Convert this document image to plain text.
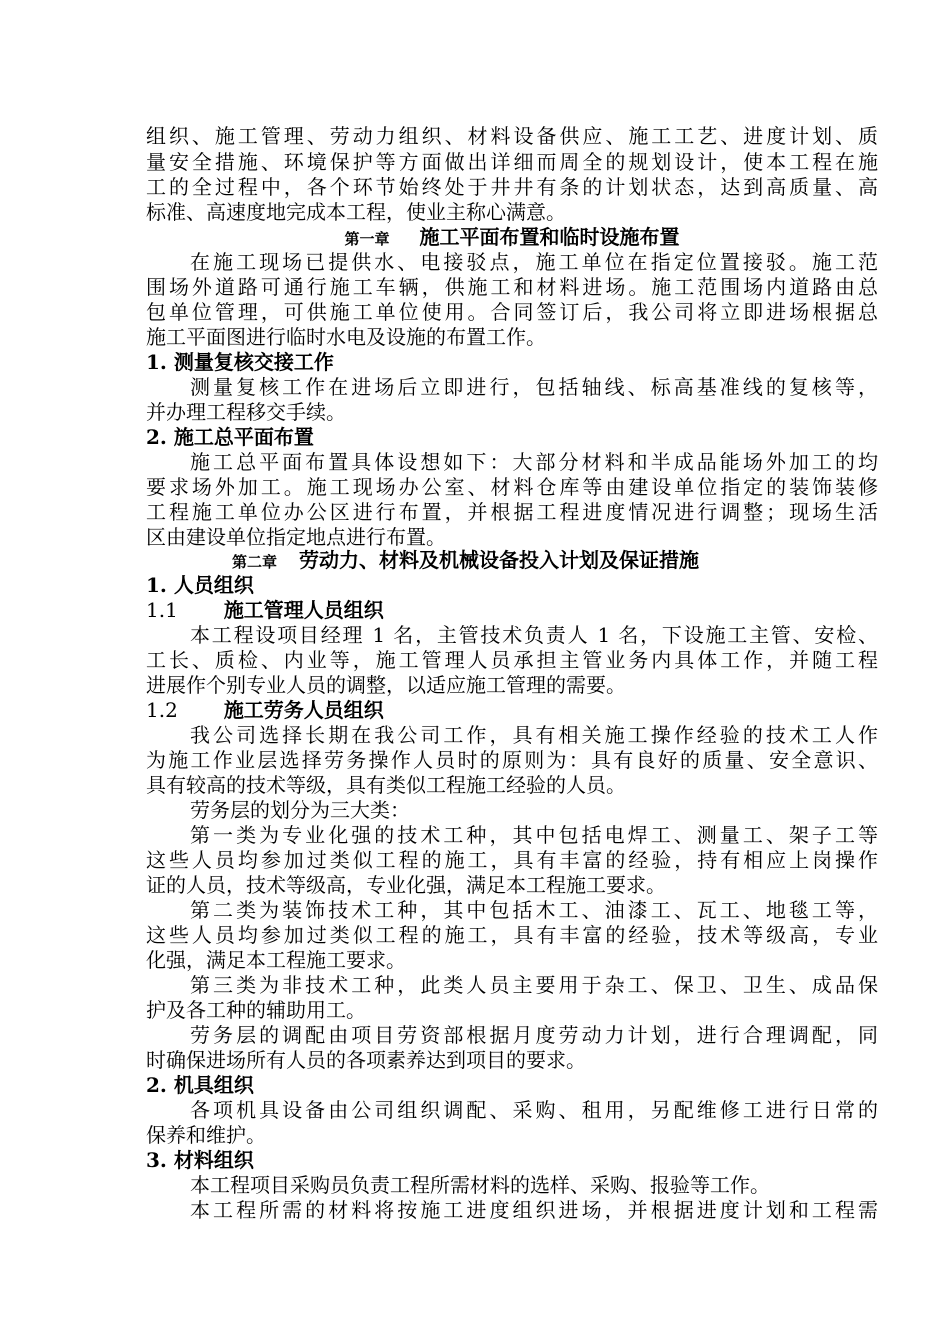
组织、施工管理、劳动力组织、材料设备供应、施工工艺、进度计划、质
量安全措施、环境保护等方面做出详细而周全的规划设计，使本工程在施
工的全过程中，各个环节始终处于井井有条的计划状态，达到高质量、高
标准、高速度地完成本工程，使业主称心满意。
第一章 施工平面布置和临时设施布置
在施工现场已提供水、电接驳点，施工单位在指定位置接驳。施工范
围场外道路可通行施工车辆，供施工和材料进场。施工范围场内道路由总
包单位管理，可供施工单位使用。合同签订后，我公司将立即进场根据总
施工平面图进行临时水电及设施的布置工作。
1. 测量复核交接工作
测量复核工作在进场后立即进行，包括轴线、标高基准线的复核等，
并办理工程移交手续。
2. 施工总平面布置
施工总平面布置具体设想如下：大部分材料和半成品能场外加工的均
要求场外加工。施工现场办公室、材料仓库等由建设单位指定的装饰装修
工程施工单位办公区进行布置，并根据工程进度情况进行调整；现场生活
区由建设单位指定地点进行布置。
第二章 劳动力、材料及机械设备投入计划及保证措施
1. 人员组织
1.1 施工管理人员组织
本工程设项目经理 1 名，主管技术负责人 1 名，下设施工主管、安检、
工长、质检、内业等，施工管理人员承担主管业务内具体工作，并随工程
进展作个别专业人员的调整，以适应施工管理的需要。
1.2 施工劳务人员组织
我公司选择长期在我公司工作，具有相关施工操作经验的技术工人作
为施工作业层选择劳务操作人员时的原则为：具有良好的质量、安全意识、
具有较高的技术等级，具有类似工程施工经验的人员。
劳务层的划分为三大类：
第一类为专业化强的技术工种，其中包括电焊工、测量工、架子工等
这些人员均参加过类似工程的施工，具有丰富的经验，持有相应上岗操作
证的人员，技术等级高，专业化强，满足本工程施工要求。
第二类为装饰技术工种，其中包括木工、油漆工、瓦工、地毯工等，
这些人员均参加过类似工程的施工，具有丰富的经验，技术等级高，专业
化强，满足本工程施工要求。
第三类为非技术工种，此类人员主要用于杂工、保卫、卫生、成品保
护及各工种的辅助用工。
劳务层的调配由项目劳资部根据月度劳动力计划，进行合理调配，同
时确保进场所有人员的各项素养达到项目的要求。
2. 机具组织
各项机具设备由公司组织调配、采购、租用，另配维修工进行日常的
保养和维护。
3. 材料组织
本工程项目采购员负责工程所需材料的选样、采购、报验等工作。
本工程所需的材料将按施工进度组织进场，并根据进度计划和工程需
